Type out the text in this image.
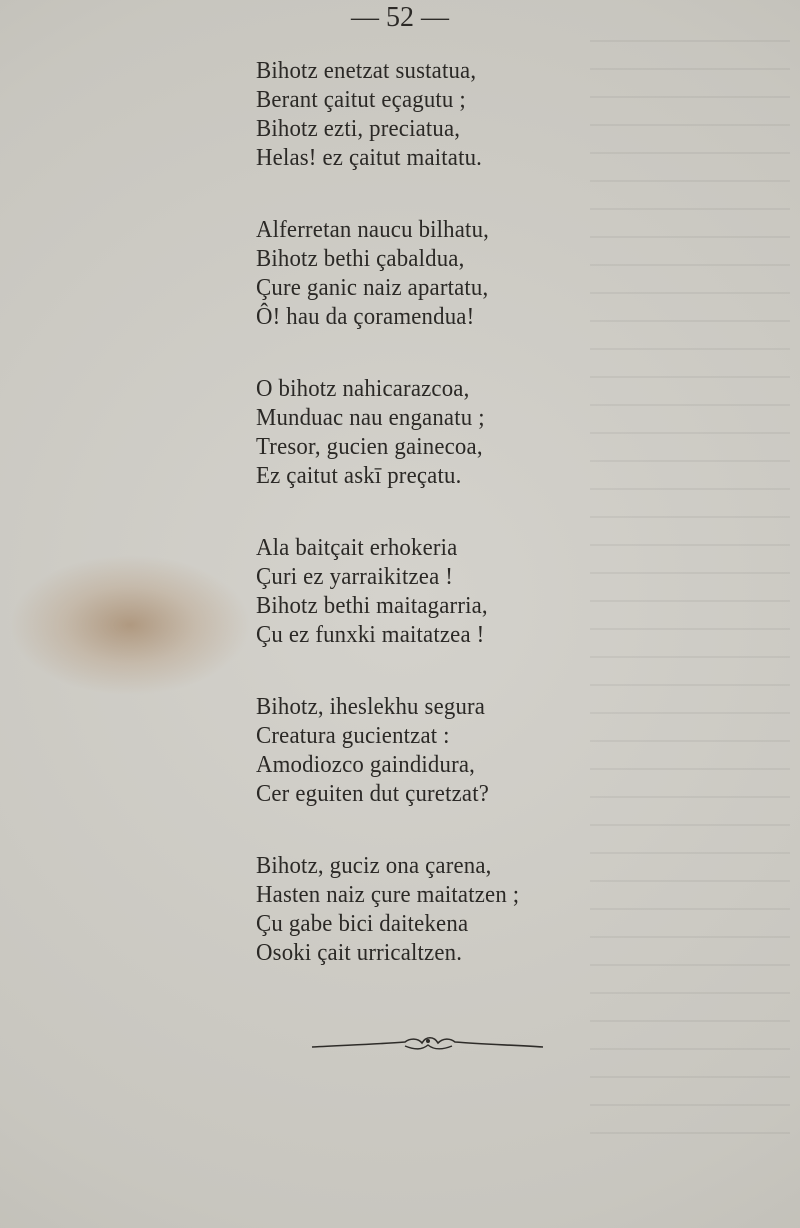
— 52 —
Bihotz enetzat sustatua,
Berant çaitut eçagutu ;
Bihotz ezti, preciatua,
Helas! ez çaitut maitatu.
Alferretan naucu bilhatu,
Bihotz bethi çabaldua,
Çure ganic naiz apartatu,
Ô! hau da çoramendua!
O bihotz nahicarazcoa,
Munduac nau enganatu ;
Tresor, gucien gainecoa,
Ez çaitut askī preçatu.
Ala baitçait erhokeria
Çuri ez yarraikitzea !
Bihotz bethi maitagarria,
Çu ez funxki maitatzea !
Bihotz, iheslekhu segura
Creatura gucientzat :
Amodiozco gaindidura,
Cer eguiten dut çuretzat?
Bihotz, guciz ona çarena,
Hasten naiz çure maitatzen ;
Çu gabe bici daitekena
Osoki çait urricaltzen.
